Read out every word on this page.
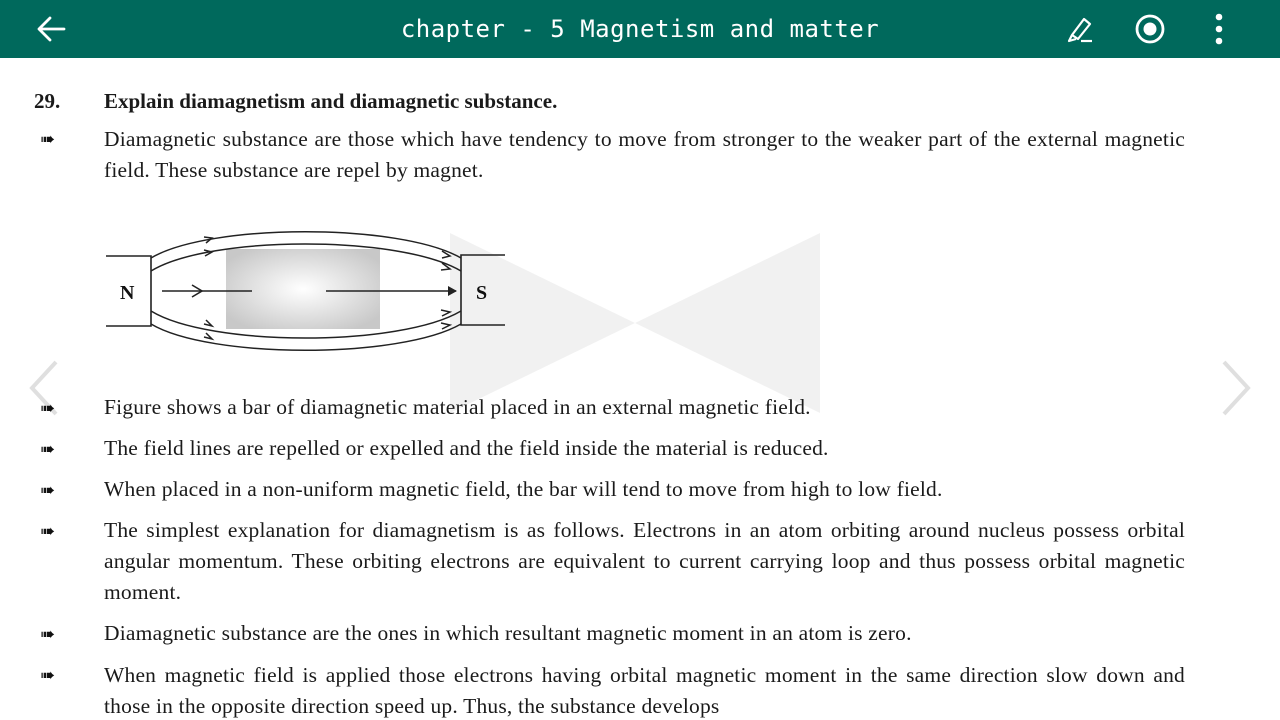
chapter - 5 Magnetism and matter
29. Explain diamagnetism and diamagnetic substance.
➠ Diamagnetic substance are those which have tendency to move from stronger to the weaker part of the external magnetic field. These substance are repel by magnet.
N	S
➠ Figure shows a bar of diamagnetic material placed in an external magnetic field.
➠ The field lines are repelled or expelled and the field inside the material is reduced.
➠ When placed in a non-uniform magnetic field, the bar will tend to move from high to low field.
➠ The simplest explanation for diamagnetism is as follows. Electrons in an atom orbiting around nucleus possess orbital angular momentum. These orbiting electrons are equivalent to current carrying loop and thus possess orbital magnetic moment.
➠ Diamagnetic substance are the ones in which resultant magnetic moment in an atom is zero.
➠ When magnetic field is applied those electrons having orbital magnetic moment in the same direction slow down and those in the opposite direction speed up. Thus, the substance develops
